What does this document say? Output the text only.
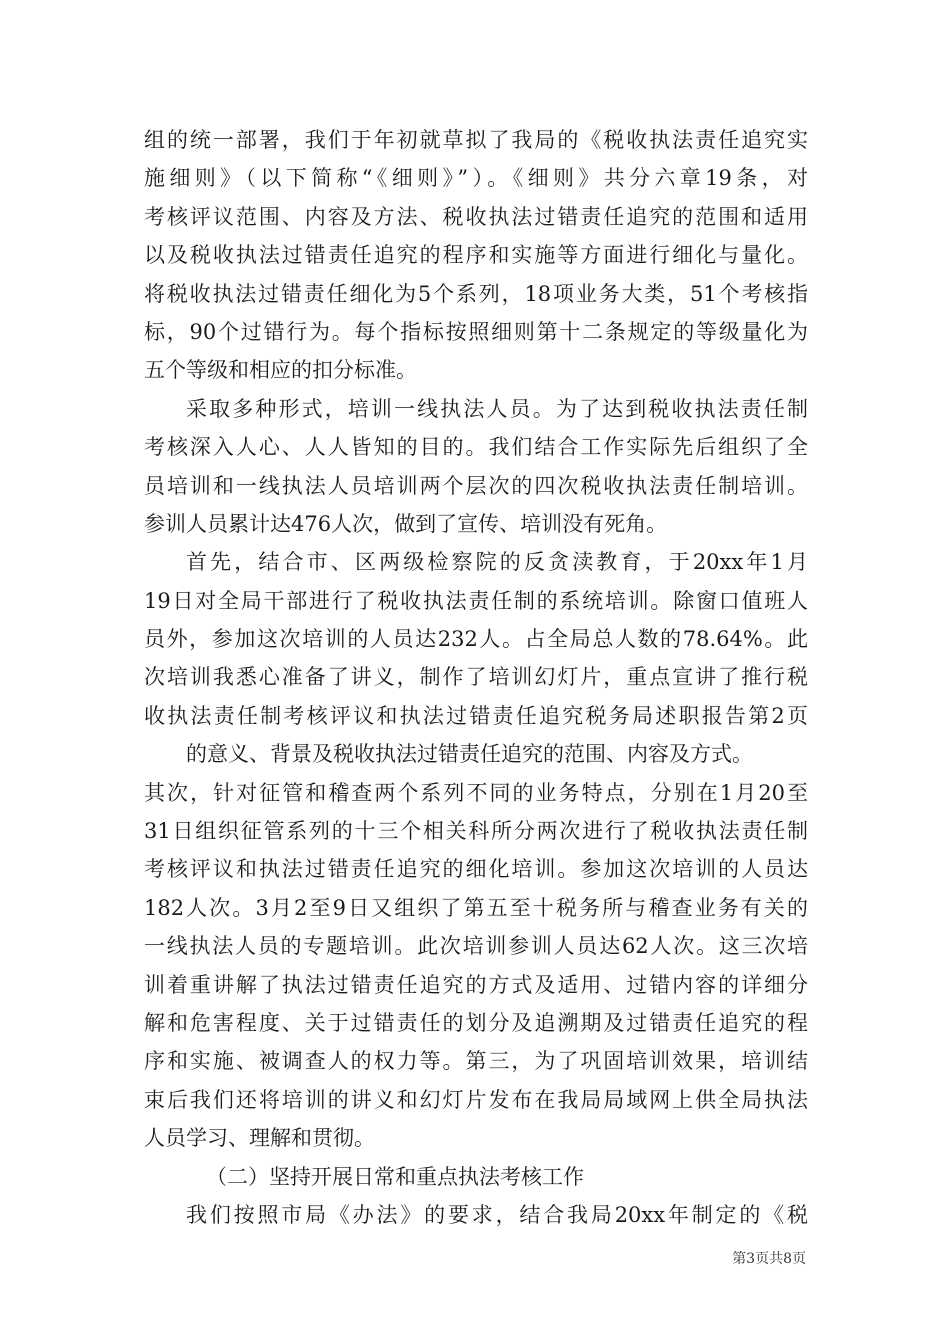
组的统一部署，我们于年初就草拟了我局的《税收执法责任追究实
施细则》（以下简称“《细则》”）。《细则》共分六章19条，对
考核评议范围、内容及方法、税收执法过错责任追究的范围和适用
以及税收执法过错责任追究的程序和实施等方面进行细化与量化。
将税收执法过错责任细化为5个系列，18项业务大类，51个考核指
标，90个过错行为。每个指标按照细则第十二条规定的等级量化为
五个等级和相应的扣分标准。
采取多种形式，培训一线执法人员。为了达到税收执法责任制
考核深入人心、人人皆知的目的。我们结合工作实际先后组织了全
员培训和一线执法人员培训两个层次的四次税收执法责任制培训。
参训人员累计达476人次，做到了宣传、培训没有死角。
首先，结合市、区两级检察院的反贪渎教育，于20xx年1月
19日对全局干部进行了税收执法责任制的系统培训。除窗口值班人
员外，参加这次培训的人员达232人。占全局总人数的78.64%。此
次培训我悉心准备了讲义，制作了培训幻灯片，重点宣讲了推行税
收执法责任制考核评议和执法过错责任追究税务局述职报告第2页
的意义、背景及税收执法过错责任追究的范围、内容及方式。
其次，针对征管和稽查两个系列不同的业务特点，分别在1月20至
31日组织征管系列的十三个相关科所分两次进行了税收执法责任制
考核评议和执法过错责任追究的细化培训。参加这次培训的人员达
182人次。3月2至9日又组织了第五至十税务所与稽查业务有关的
一线执法人员的专题培训。此次培训参训人员达62人次。这三次培
训着重讲解了执法过错责任追究的方式及适用、过错内容的详细分
解和危害程度、关于过错责任的划分及追溯期及过错责任追究的程
序和实施、被调查人的权力等。第三，为了巩固培训效果，培训结
束后我们还将培训的讲义和幻灯片发布在我局局域网上供全局执法
人员学习、理解和贯彻。
（二）坚持开展日常和重点执法考核工作
我们按照市局《办法》的要求，结合我局20xx年制定的《税
第3页共8页
